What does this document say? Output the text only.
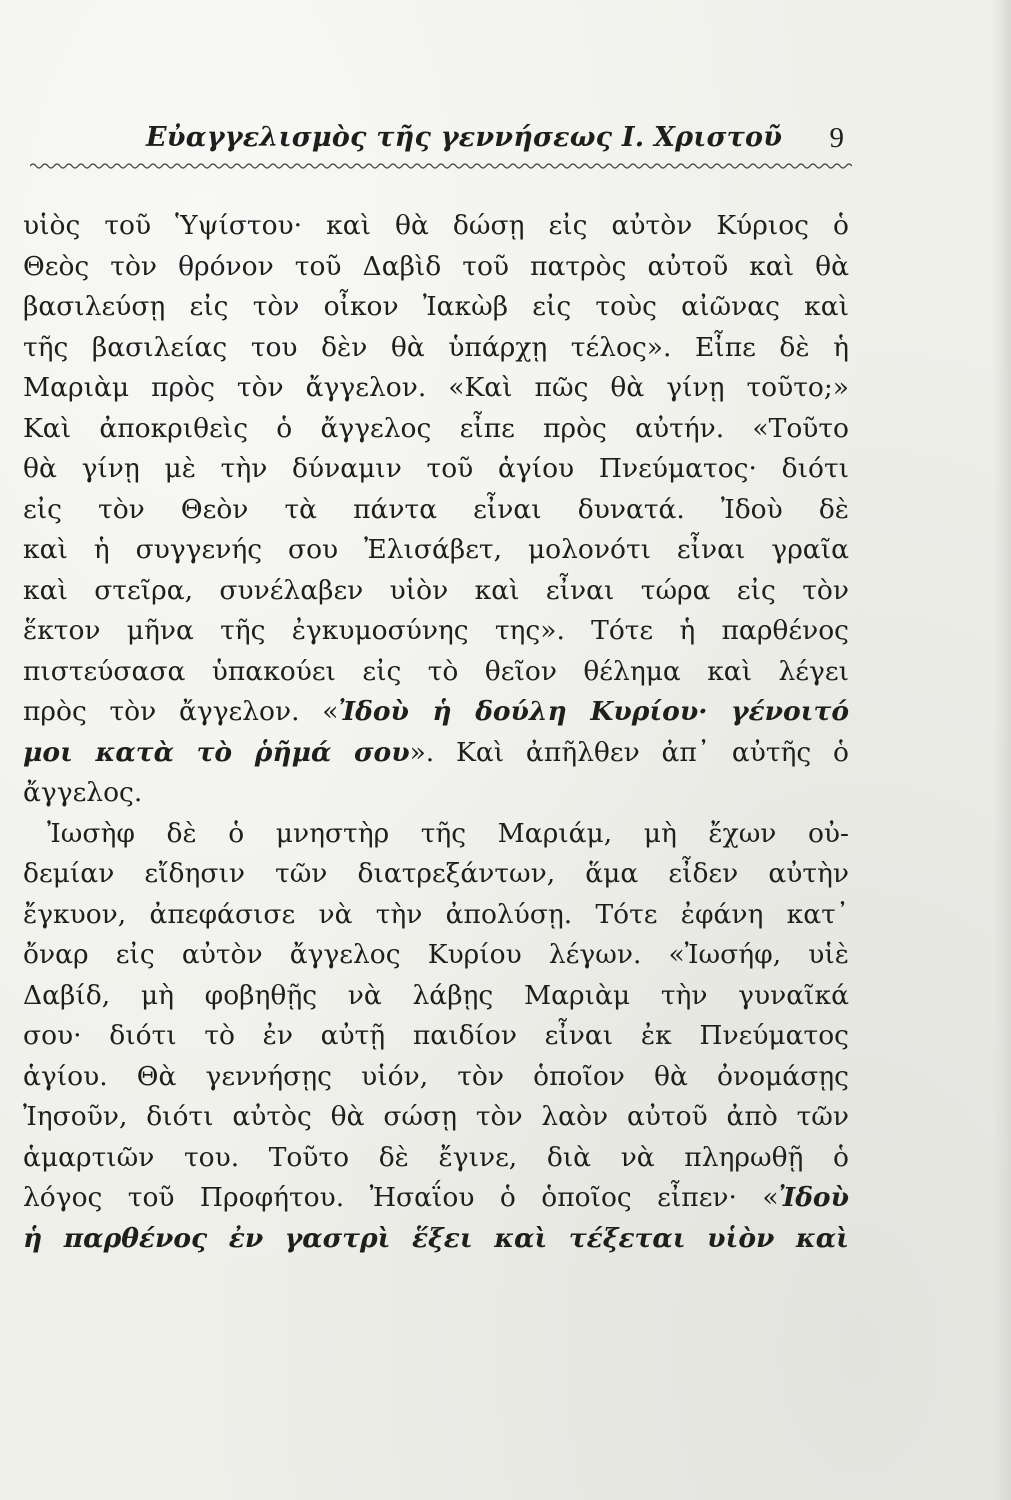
Εὐαγγελισμὸς τῆς γεννήσεως Ι. Χριστοῦ 9
υἱὸς τοῦ Ὑψίστου· καὶ θὰ δώσῃ εἰς αὐτὸν Κύριος ὁ
Θεὸς τὸν θρόνον τοῦ Δαβὶδ τοῦ πατρὸς αὐτοῦ καὶ θὰ
βασιλεύσῃ εἰς τὸν οἶκον Ἰακὼβ εἰς τοὺς αἰῶνας καὶ
τῆς βασιλείας του δὲν θὰ ὑπάρχῃ τέλος». Εἶπε δὲ ἡ
Μαριὰμ πρὸς τὸν ἄγγελον. «Καὶ πῶς θὰ γίνῃ τοῦτο;»
Καὶ ἀποκριθεὶς ὁ ἄγγελος εἶπε πρὸς αὐτήν. «Τοῦτο
θὰ γίνῃ μὲ τὴν δύναμιν τοῦ ἁγίου Πνεύματος· διότι
εἰς τὸν Θεὸν τὰ πάντα εἶναι δυνατά. Ἰδοὺ δὲ
καὶ ἡ συγγενής σου Ἐλισάβετ, μολονότι εἶναι γραῖα
καὶ στεῖρα, συνέλαβεν υἱὸν καὶ εἶναι τώρα εἰς τὸν
ἕκτον μῆνα τῆς ἐγκυμοσύνης της». Τότε ἡ παρθένος
πιστεύσασα ὑπακούει εἰς τὸ θεῖον θέλημα καὶ λέγει
πρὸς τὸν ἄγγελον. «Ἰδοὺ ἡ δούλη Κυρίου· γένοιτό
μοι κατὰ τὸ ῥῆμά σου». Καὶ ἀπῆλθεν ἀπ᾽ αὐτῆς ὁ
ἄγγελος.
Ἰωσὴφ δὲ ὁ μνηστὴρ τῆς Μαριάμ, μὴ ἔχων οὐ-
δεμίαν εἴδησιν τῶν διατρεξάντων, ἅμα εἶδεν αὐτὴν
ἔγκυον, ἀπεφάσισε νὰ τὴν ἀπολύσῃ. Τότε ἐφάνη κατ᾽
ὄναρ εἰς αὐτὸν ἄγγελος Κυρίου λέγων. «Ἰωσήφ, υἱὲ
Δαβίδ, μὴ φοβηθῇς νὰ λάβῃς Μαριὰμ τὴν γυναῖκά
σου· διότι τὸ ἐν αὐτῇ παιδίον εἶναι ἐκ Πνεύματος
ἁγίου. Θὰ γεννήσῃς υἱόν, τὸν ὁποῖον θὰ ὀνομάσῃς
Ἰησοῦν, διότι αὐτὸς θὰ σώσῃ τὸν λαὸν αὐτοῦ ἀπὸ τῶν
ἁμαρτιῶν του. Τοῦτο δὲ ἔγινε, διὰ νὰ πληρωθῇ ὁ
λόγος τοῦ Προφήτου. Ἠσαΐου ὁ ὁποῖος εἶπεν· «Ἰδοὺ
ἡ παρθένος ἐν γαστρὶ ἕξει καὶ τέξεται υἱὸν καὶ
